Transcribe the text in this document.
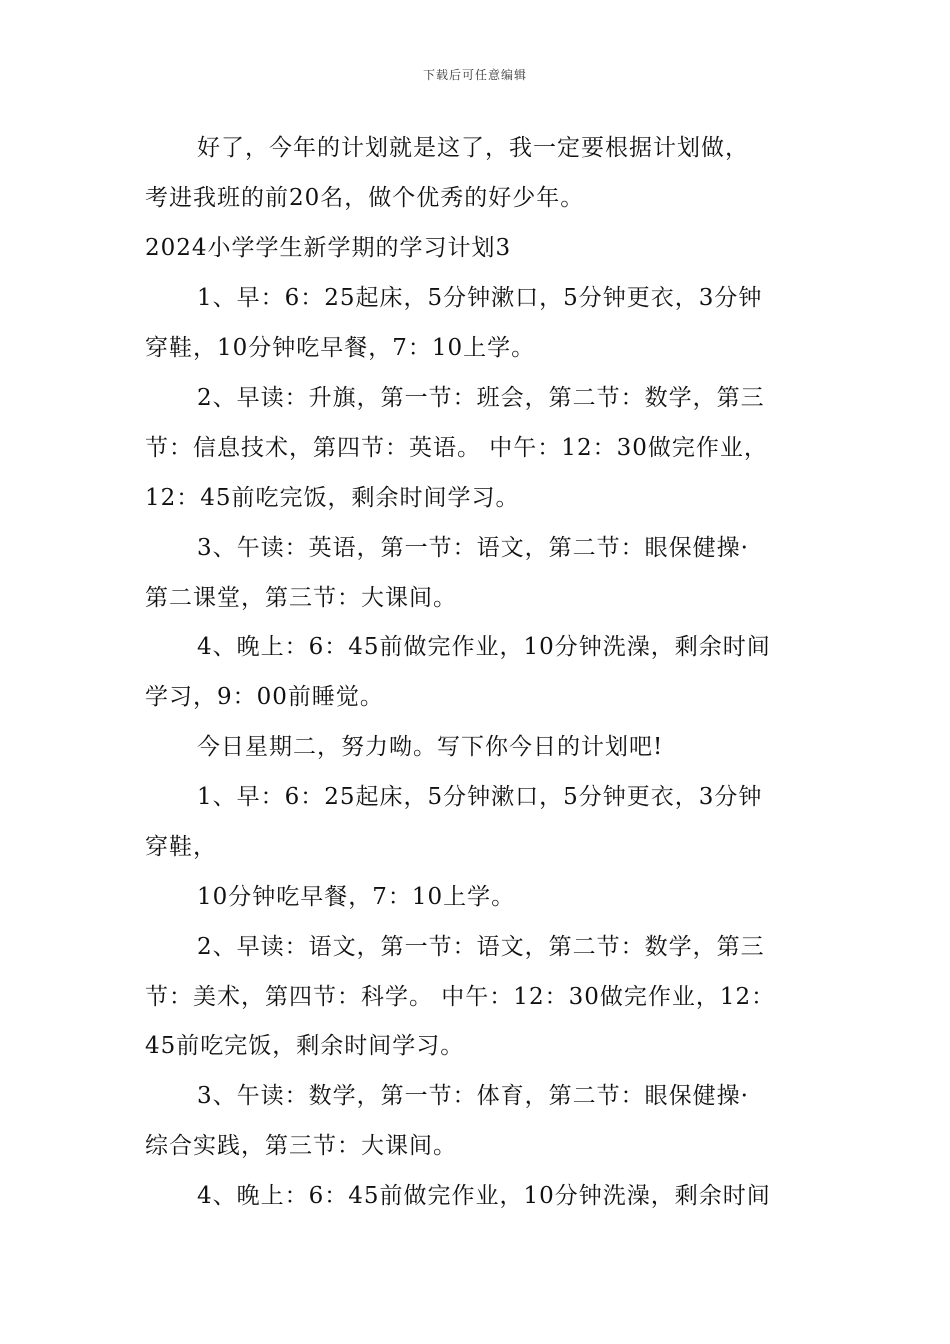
下载后可任意编辑
好了，今年的计划就是这了，我一定要根据计划做，
考进我班的前20名，做个优秀的好少年。
2024小学学生新学期的学习计划3
1、早：6：25起床，5分钟漱口，5分钟更衣，3分钟
穿鞋，10分钟吃早餐，7：10上学。
2、早读：升旗，第一节：班会，第二节：数学，第三
节：信息技术，第四节：英语。 中午：12：30做完作业，
12：45前吃完饭，剩余时间学习。
3、午读：英语，第一节：语文，第二节：眼保健操·
第二课堂，第三节：大课间。
4、晚上：6：45前做完作业，10分钟洗澡，剩余时间
学习，9：00前睡觉。
今日星期二，努力呦。写下你今日的计划吧!
1、早：6：25起床，5分钟漱口，5分钟更衣，3分钟
穿鞋，
10分钟吃早餐，7：10上学。
2、早读：语文，第一节：语文，第二节：数学，第三
节：美术，第四节：科学。 中午：12：30做完作业，12：
45前吃完饭，剩余时间学习。
3、午读：数学，第一节：体育，第二节：眼保健操·
综合实践，第三节：大课间。
4、晚上：6：45前做完作业，10分钟洗澡，剩余时间
